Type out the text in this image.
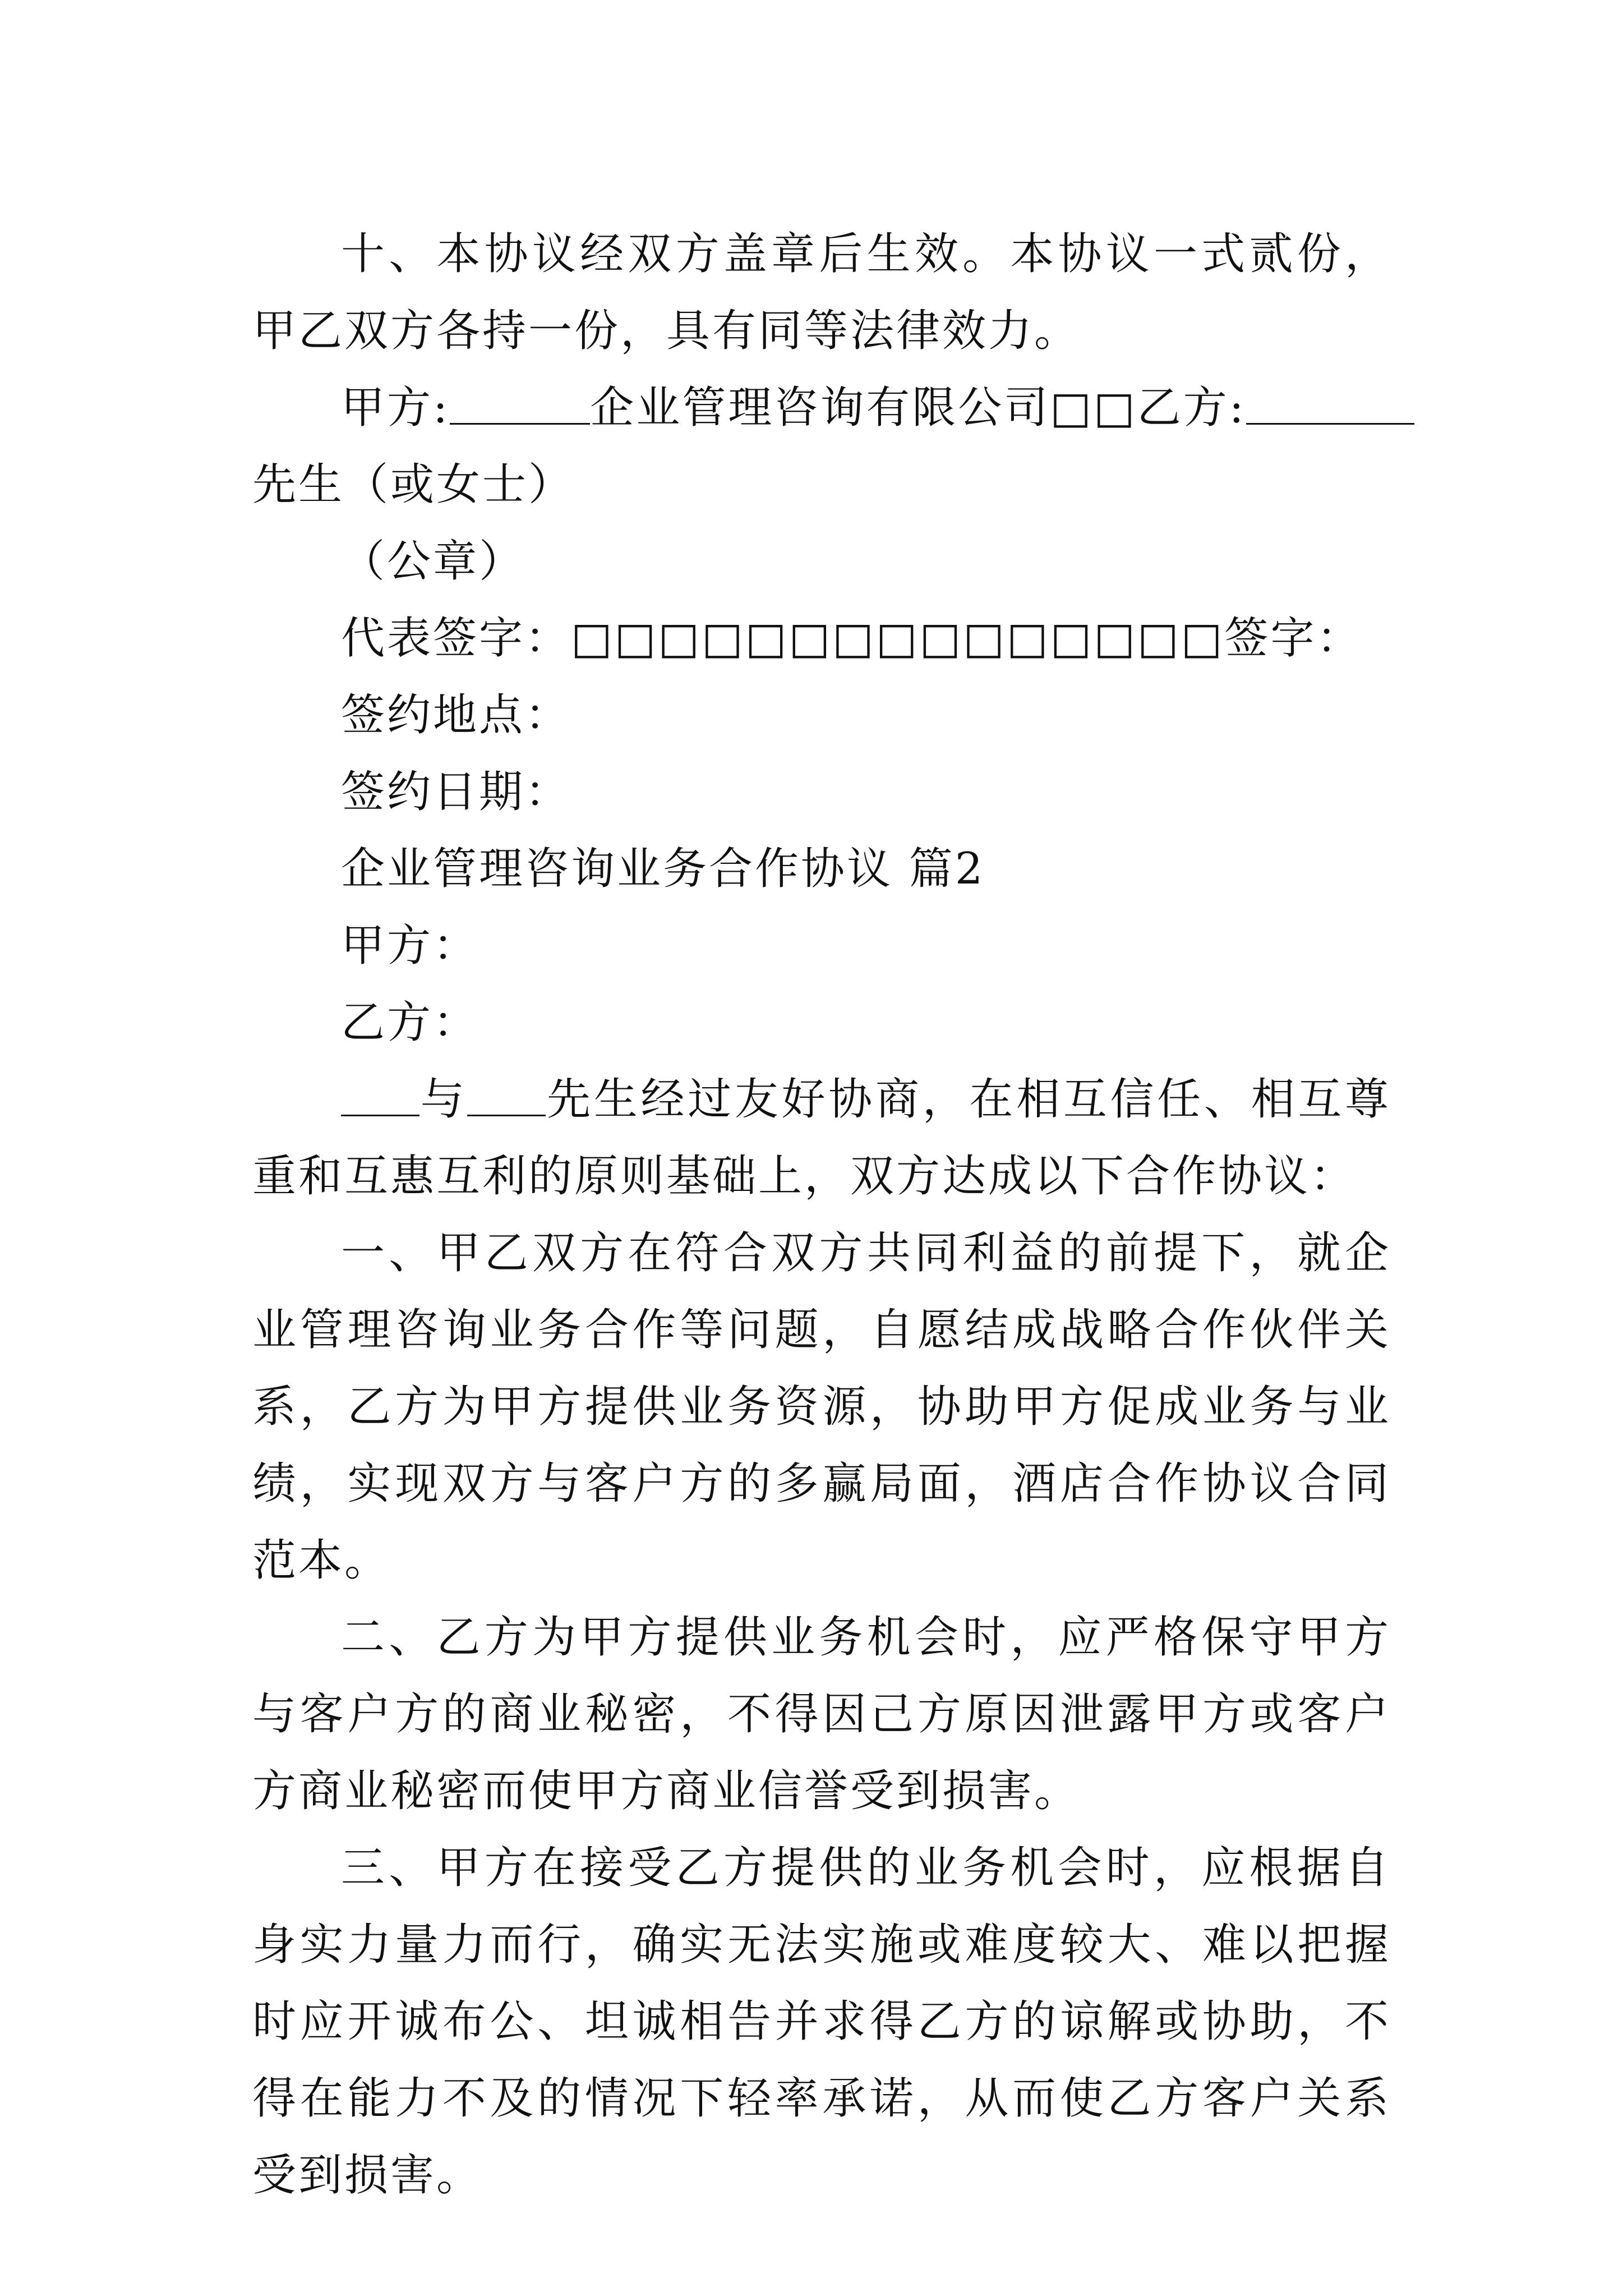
十、本协议经双方盖章后生效。本协议一式贰份，甲乙双方各持一份，具有同等法律效力。

甲方:	企业管理咨询有限公司□□乙方:

先生（或女士）

（公章）

代表签字：□□□□□□□□□□□□□□□签字：

签约地点：

签约日期：

企业管理咨询业务合作协议 篇2

甲方：

乙方：

与 先生经过友好协商，在相互信任、相互尊重和互惠互利的原则基础上，双方达成以下合作协议：

一、甲乙双方在符合双方共同利益的前提下，就企业管理咨询业务合作等问题，自愿结成战略合作伙伴关系，乙方为甲方提供业务资源，协助甲方促成业务与业绩，实现双方与客户方的多赢局面，酒店合作协议合同范本。

二、乙方为甲方提供业务机会时，应严格保守甲方与客户方的商业秘密，不得因己方原因泄露甲方或客户方商业秘密而使甲方商业信誉受到损害。

三、甲方在接受乙方提供的业务机会时，应根据自身实力量力而行，确实无法实施或难度较大、难以把握时应开诚布公、坦诚相告并求得乙方的谅解或协助，不得在能力不及的情况下轻率承诺，从而使乙方客户关系受到损害。
